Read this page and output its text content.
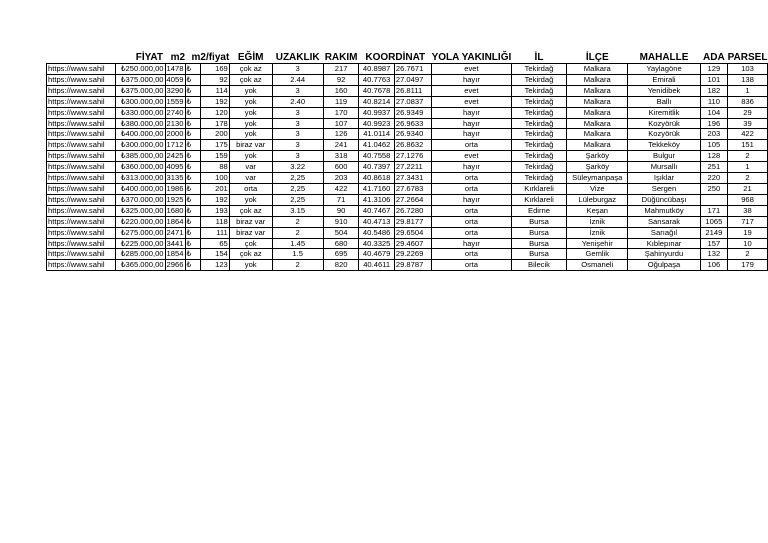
	FİYAT	m2	m2/fiyat		EĞİM	UZAKLIK	RAKIM	KOORDİNAT		YOLA YAKINLIĞI	İL	İLÇE	MAHALLE	ADA	PARSEL
https://www.sahil	₺250.000,00	1478	₺	169	çok az	3	217	40.8987	26.7671	evet	Tekirdağ	Malkara	Yaylagöne	129	103
https://www.sahil	₺375.000,00	4059	₺	92	çok az	2.44	92	40.7763	27.0497	hayır	Tekirdağ	Malkara	Emirali	101	138
https://www.sahil	₺375.000,00	3290	₺	114	yok	3	160	40.7678	26.8111	evet	Tekirdağ	Malkara	Yenidibek	182	1
https://www.sahil	₺300.000,00	1559	₺	192	yok	2.40	119	40.8214	27.0837	evet	Tekirdağ	Malkara	Ballı	110	836
https://www.sahil	₺330.000,00	2740	₺	120	yok	3	170	40.9937	26.9349	hayır	Tekirdağ	Malkara	Kiremitlik	104	29
https://www.sahil	₺380.000,00	2130	₺	178	yok	3	107	40.9923	26.9633	hayır	Tekirdağ	Malkara	Kozyörük	196	39
https://www.sahil	₺400.000,00	2000	₺	200	yok	3	126	41.0114	26.9340	hayır	Tekirdağ	Malkara	Kozyörük	203	422
https://www.sahil	₺300.000,00	1712	₺	175	biraz var	3	241	41.0462	26.8632	orta	Tekirdağ	Malkara	Tekkeköy	105	151
https://www.sahil	₺385.000,00	2425	₺	159	yok	3	318	40.7558	27.1276	evet	Tekirdağ	Şarköy	Bulgur	128	2
https://www.sahil	₺360.000,00	4095	₺	88	var	3.22	600	40.7397	27.2211	hayır	Tekirdağ	Şarköy	Mursallı	251	1
https://www.sahil	₺313.000,00	3135	₺	100	var	2,25	203	40.8618	27.3431	orta	Tekirdağ	Süleymanpaşa	Işıklar	220	2
https://www.sahil	₺400.000,00	1986	₺	201	orta	2,25	422	41.7160	27.6783	orta	Kırklareli	Vize	Sergen	250	21
https://www.sahil	₺370.000,00	1925	₺	192	yok	2,25	71	41.3106	27.2664	hayır	Kırklareli	Lüleburgaz	Düğüncübaşı		968
https://www.sahil	₺325.000,00	1680	₺	193	çok az	3.15	90	40.7467	26.7280	orta	Edirne	Keşan	Mahmutköy	171	38
https://www.sahil	₺220.000,00	1864	₺	118	biraz var	2	910	40.4713	29.8177	orta	Bursa	İznik	Sansarak	1065	717
https://www.sahil	₺275.000,00	2471	₺	111	biraz var	2	504	40.5486	29.6504	orta	Bursa	İznik	Sarıağıl	2149	19
https://www.sahil	₺225.000,00	3441	₺	65	çok	1.45	680	40.3325	29.4607	hayır	Bursa	Yenişehir	Kıblepınar	157	10
https://www.sahil	₺285.000,00	1854	₺	154	çok az	1.5	695	40.4679	29.2269	orta	Bursa	Gemlik	Şahinyurdu	132	2
https://www.sahil	₺365.000,00	2966	₺	123	yok	2	820	40.4611	29.8787	orta	Bilecik	Osmaneli	Oğulpaşa	106	179
